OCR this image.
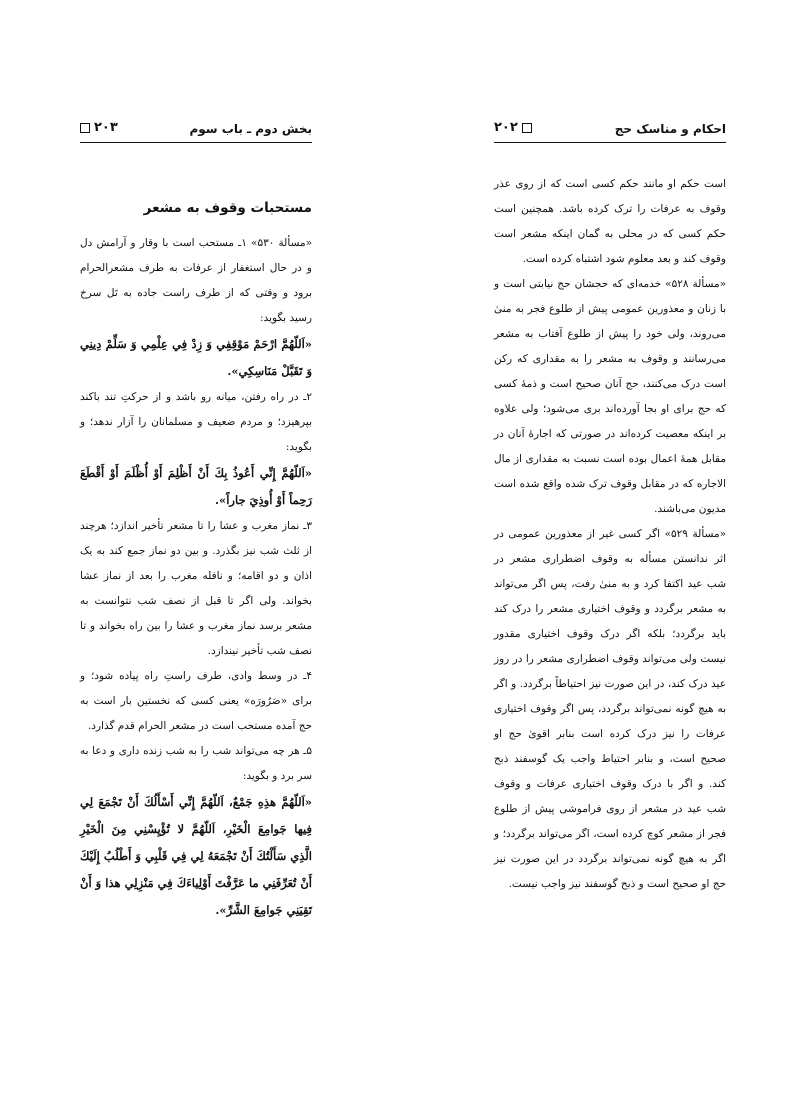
بخش دوم ـ باب سوم
۲۰۳
مستحبات وقوف به مشعر

«مسألة ۵۳۰» ۱ـ مستحب است با وقار و آرامش دل و در حال استغفار از عرفات به طرف مشعرالحرام برود و وقتی که از طرف راست جاده به تَل سرخ رسید بگوید:

«اَللّهُمَّ ارْحَمْ مَوْقِفِي وَ زِدْ فِي عِلْمِي وَ سَلِّمْ دِينِي وَ تَقَبَّلْ مَنَاسِكِي».

۲ـ در راه رفتن، میانه رو باشد و از حرکتِ تند باکند بپرهیزد؛ و مردم ضعیف و مسلمانان را آزار ندهد؛ و بگوید:

«اَللّهُمَّ إِنِّي أَعُوذُ بِكَ أَنْ أَظْلِمَ أَوْ أُظْلَمَ أَوْ أَقْطَعَ رَحِماً أَوْ أُوذِيَ جاراً».

۳ـ نماز مغرب و عشا را تا مشعر تأخیر اندازد؛ هرچند از ثلث شب نیز بگذرد. و بین دو نماز جمع کند به یک اذان و دو اقامه؛ و نافله مغرب را بعد از نماز عشا بخواند. ولی اگر تا قبل از نصف شب نتوانست به مشعر برسد نماز مغرب و عشا را بین راه بخواند و تا نصف شب تأخیر نیندازد.

۴ـ در وسط وادی، طرف راستِ راه پیاده شود؛ و برای «صَرُورَه» یعنی کسی که نخستین بار است به حج آمده مستحب است در مشعر الحرام قدم گذارد.

۵ـ هر چه می‌تواند شب را به شب زنده داری و دعا به سر برد و بگوید:

«اَللّهُمَّ هذِهِ جَمْعٌ، اَللّهُمَّ إِنِّي أَسْأَلُكَ أَنْ تَجْمَعَ لِي فِيها جَوامِعَ الْخَيْرِ، اَللّهُمَّ لا تُؤْيِسْنِي مِنَ الْخَيْرِ الَّذِي سَأَلْتُكَ أَنْ تَجْمَعَهُ لِي فِي قَلْبِي وَ أَطْلُبُ إِلَيْكَ أَنْ تُعَرِّفَنِي ما عَرَّفْتَ أَوْلِياءَكَ فِي مَنْزِلِي هذا وَ أَنْ تَقِيَنِي جَوامِعَ الشَّرِّ».

احکام و مناسک حج
۲۰۲

است حکم او مانند حکم کسی است که از روی عذر وقوف به عرفات را ترک کرده باشد. همچنین است حکم کسی که در محلی به گمان اینکه مشعر است وقوف کند و بعد معلوم شود اشتباه کرده است.

«مسألة ۵۲۸» خدمه‌ای که حجشان حج نیابتی است و با زنان و معذورین عمومی پیش از طلوع فجر به منیٰ می‌روند، ولی خود را پیش از طلوع آفتاب به مشعر می‌رسانند و وقوف به مشعر را به مقداری که رکن است درک می‌کنند، حج آنان صحیح است و ذمهٔ کسی که حج برای او بجا آورده‌اند بری می‌شود؛ ولی علاوه بر اینکه معصیت کرده‌اند در صورتی که اجارهٔ آنان در مقابل همهٔ اعمال بوده است نسبت به مقداری از مال الاجاره که در مقابل وقوف ترک شده واقع شده است مدیون می‌باشند.

«مسألة ۵۲۹» اگر کسی غیر از معذورین عمومی در اثر ندانستن مسأله به وقوف اضطراری مشعر در شب عید اکتفا کرد و به منیٰ رفت، پس اگر می‌تواند به مشعر برگردد و وقوف اختیاری مشعر را درک کند باید برگردد؛ بلکه اگر درک وقوف اختیاری مقدور نیست ولی می‌تواند وقوف اضطراری مشعر را در روز عید درک کند، در این صورت نیز احتیاطاً برگردد. و اگر به هیچ گونه نمی‌تواند برگردد، پس اگر وقوف اختیاری عرفات را نیز درک کرده است بنابر اقویٰ حج او صحیح است، و بنابر احتیاط واجب یک گوسفند ذبح کند. و اگر با درک وقوف اختیاری عرفات و وقوف شب عید در مشعر از روی فراموشی پیش از طلوع فجر از مشعر کوچ کرده است، اگر می‌تواند برگردد؛ و اگر به هیچ گونه نمی‌تواند برگردد در این صورت نیز حج او صحیح است و ذبح گوسفند نیز واجب نیست.
